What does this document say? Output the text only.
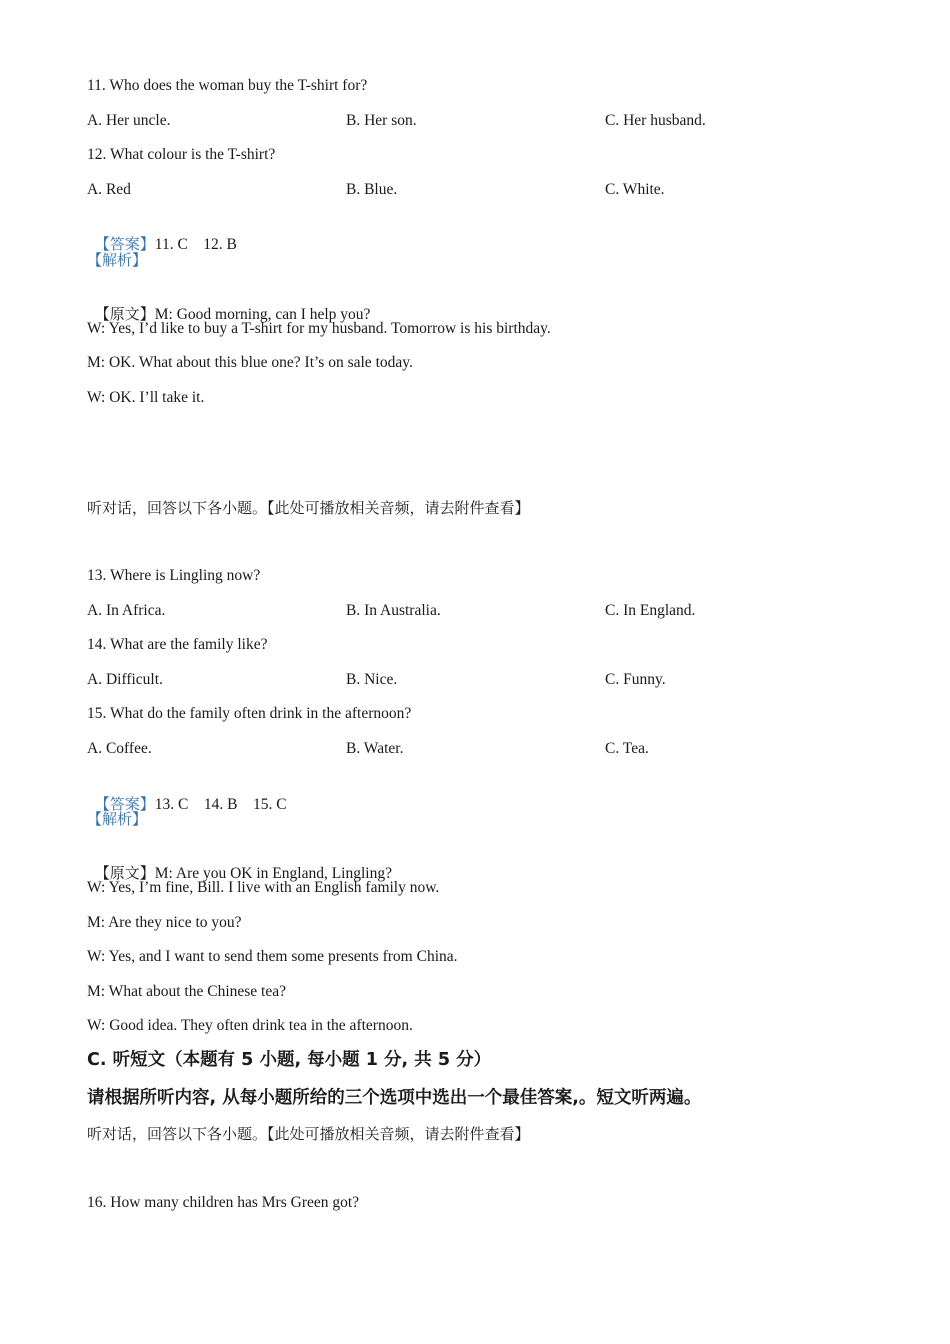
11. Who does the woman buy the T-shirt for?
A. Her uncle.	B. Her son.	C. Her husband.
12. What colour is the T-shirt?
A. Red	B. Blue.	C. White.

【答案】11. C    12. B

【解析】

【原文】M: Good morning, can I help you?

W: Yes, I’d like to buy a T-shirt for my husband. Tomorrow is his birthday.
M: OK. What about this blue one? It’s on sale today.
W: OK. I’ll take it.
听对话，回答以下各小题。【此处可播放相关音频，请去附件查看】
13. Where is Lingling now?
A. In Africa.	B. In Australia.	C. In England.
14. What are the family like?
A. Difficult.	B. Nice.	C. Funny.
15. What do the family often drink in the afternoon?
A. Coffee.	B. Water.	C. Tea.

【答案】13. C    14. B    15. C

【解析】

【原文】M: Are you OK in England, Lingling?

W: Yes, I’m fine, Bill. I live with an English family now.
M: Are they nice to you?
W: Yes, and I want to send them some presents from China.
M: What about the Chinese tea?
W: Good idea. They often drink tea in the afternoon.
C. 听短文（本题有 5 小题, 每小题 1 分, 共 5 分）
请根据所听内容, 从每小题所给的三个选项中选出一个最佳答案,。短文听两遍。
听对话，回答以下各小题。【此处可播放相关音频，请去附件查看】
16. How many children has Mrs Green got?
